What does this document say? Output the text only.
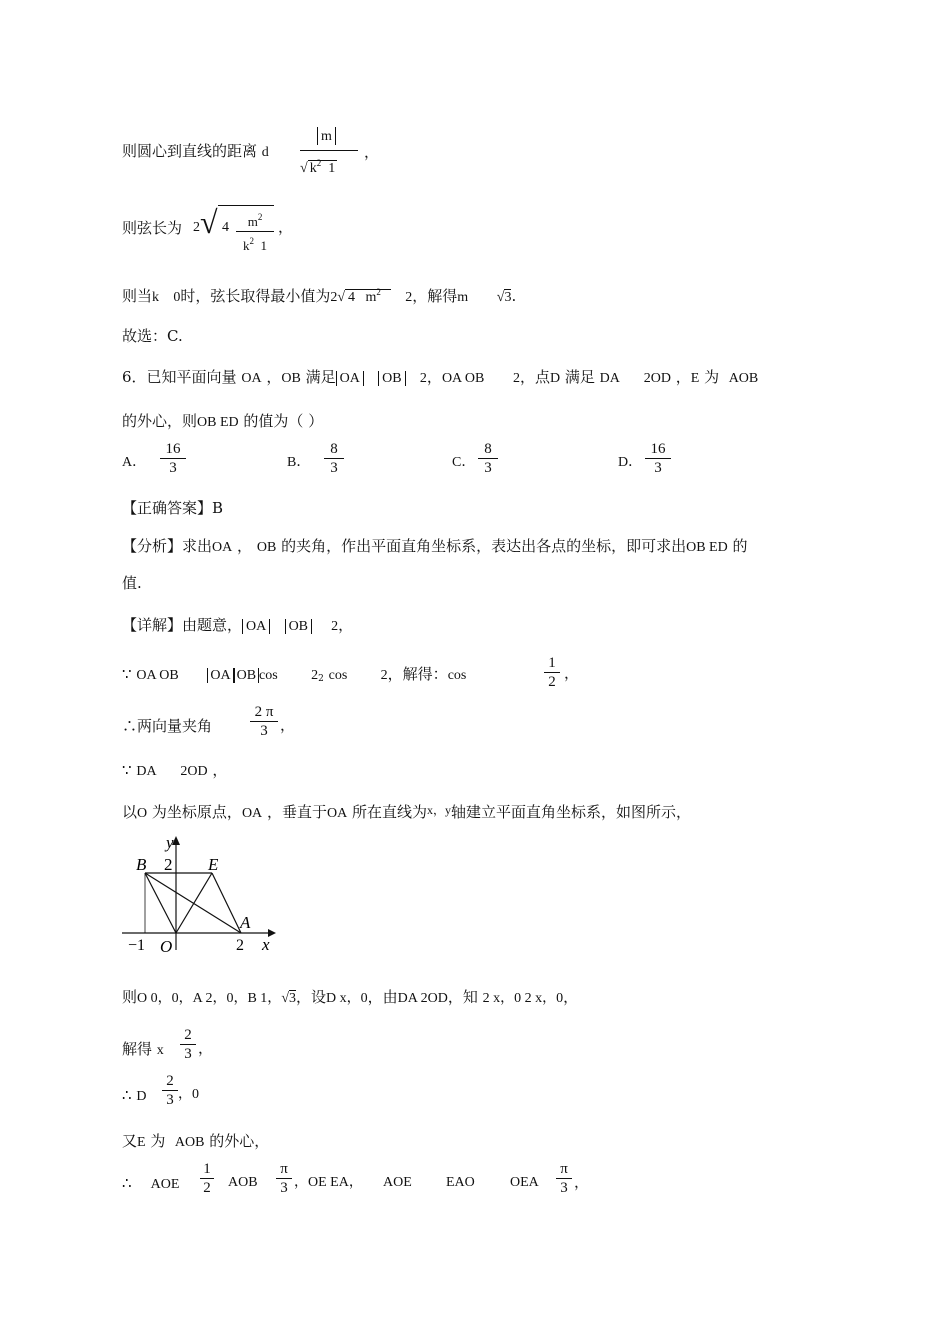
则圆心到直线的距离 d
m
√ $k^2$ 1
，
则弦长为 2 √ $4 \frac{m^2}{k^2 1}$ ，
则当k 0时，弦长取得最小值为2√ 4 $m^2$ 2，解得m √3.
故选：C.
6．已知平面向量 OA ，OB 满足 OA OB 2，OA OB 2，点D 满足 DA 2OD ，E 为 AOB
的外心，则OB ED 的值为（ ）
A． $\frac{16}{3}$	B． $\frac{8}{3}$	C． $\frac{8}{3}$	D． $\frac{16}{3}$
【正确答案】B
【分析】求出OA ， OB 的夹角，作出平面直角坐标系，表达出各点的坐标，即可求出OB ED 的
值.
【详解】由题意， OA OB 2，
∵ OA OB OA OB $\cos 2_2$ cos 2，解得：cos	$\frac{1}{2}$ ，
∴两向量夹角	$\frac{2 \pi}{3}$ ，
∵ DA 2OD ，
以O 为坐标原点，OA ，垂直于OA 所在直线为$^{x,y}$轴建立平面直角坐标系，如图所示，
y
B 2 E
A
−1 O	2 x
则O 0，0，A 2，0，B 1，√3，设D x，0，由DA 2OD，知 2 x，0 2 x，0，
解得 x $\frac{2}{3}$ ，
∴ D $\frac{2}{3}$ ，0
又E 为 AOB 的外心，
∴ AOE $\frac{1}{2}$ AOB $\frac{\pi}{3}$ ，OE EA， AOE EAO	OEA $\frac{\pi}{3}$ ，
